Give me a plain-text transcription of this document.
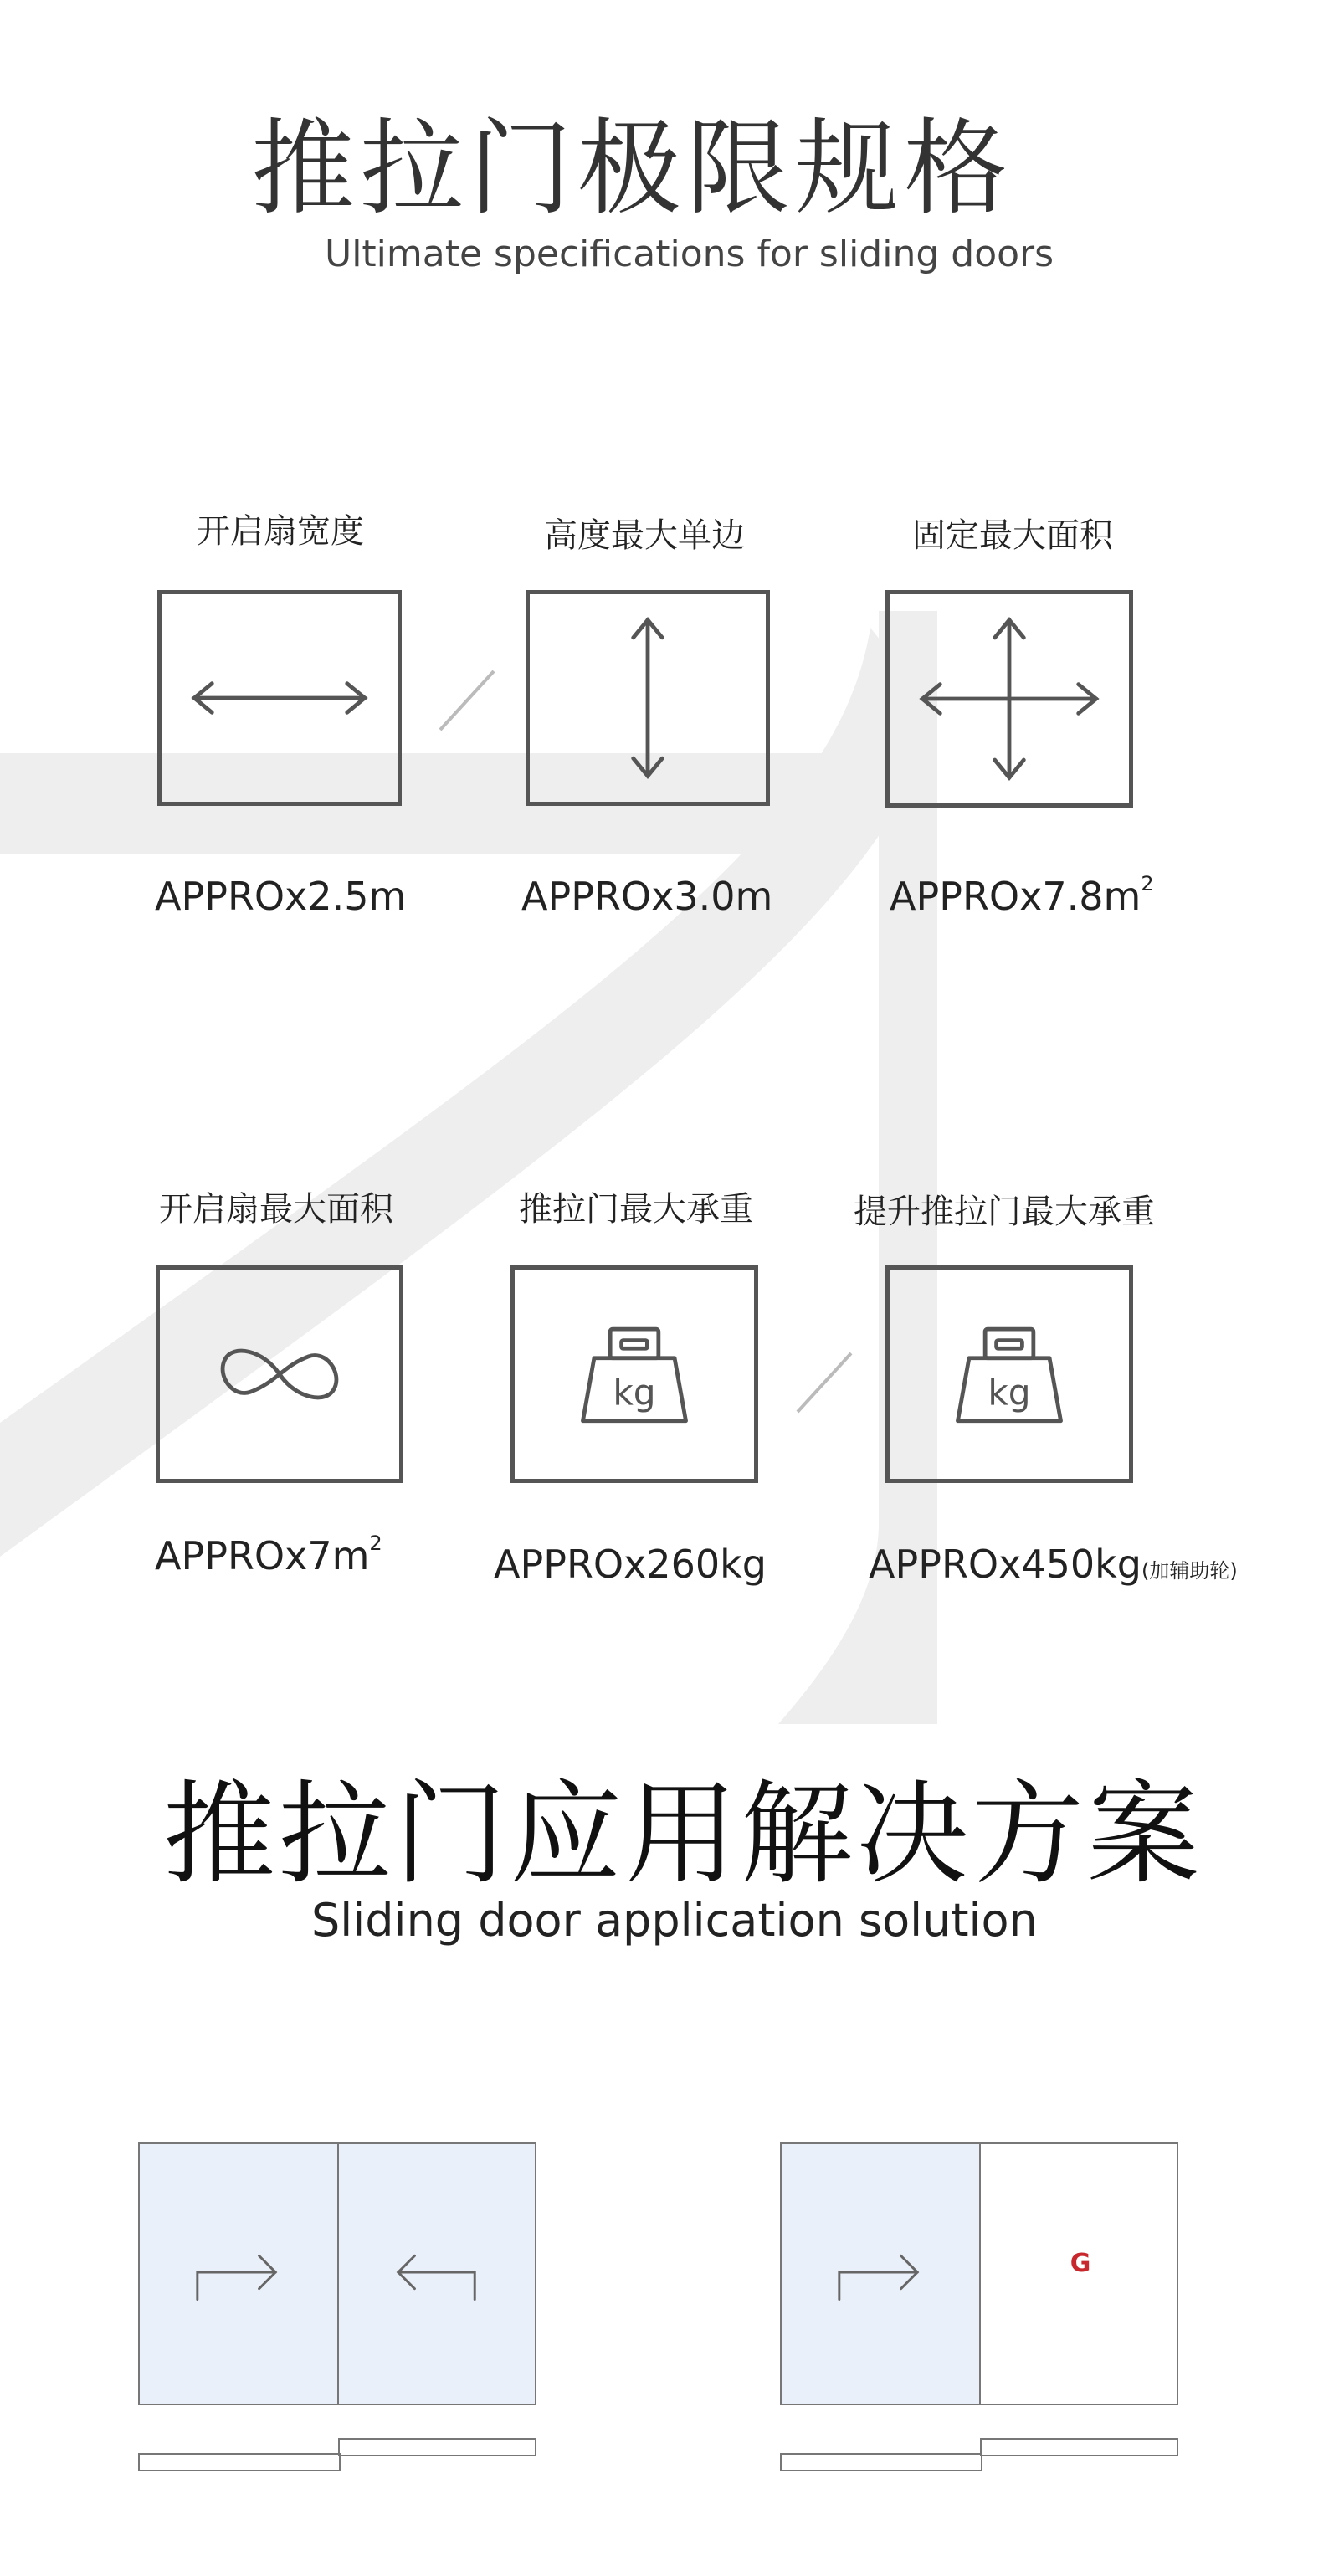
推拉门极限规格
Ultimate specifications for sliding doors
开启扇宽度	高度最大单边	固定最大面积
APPROx2.5m	APPROx3.0m	$APPROx7.8m^2$
开启扇最大面积	推拉门最大承重	提升推拉门最大承重
kg	kg
$APPROx7m^2$	APPROx260kg	APPROx450kg(加辅助轮)
推拉门应用解决方案
Sliding door application solution
G
